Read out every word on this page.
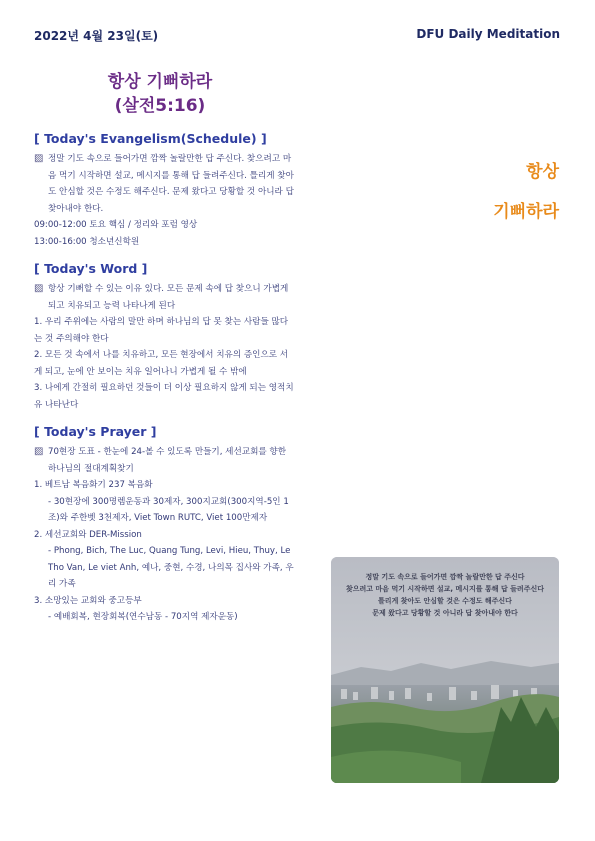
2022년 4월 23일(토)	DFU Daily Meditation
항상 기뻐하라
(살전5:16)
항상
기뻐하라
[ Today's Evangelism(Schedule) ]
▨ 정말 기도 속으로 들어가면 깜짝 놀랄만한 답 주신다. 찾으려고 마음 먹기 시작하면 설교, 메시지를 통해 답 들려주신다. 틀리게 찾아도 안심할 것은 수정도 해주신다. 문제 왔다고 당황할 것 아니라 답 찾아내야 한다.
09:00-12:00 토요 핵심 / 정리와 포럼 영상
13:00-16:00 청소년신학원
[ Today's Word ]
▨ 항상 기뻐할 수 있는 이유 있다. 모든 문제 속에 답 찾으니 가볍게 되고 치유되고 능력 나타나게 된다
1. 우리 주위에는 사람의 말만 하며 하나님의 답 못 찾는 사람들 많다는 것 주의해야 한다
2. 모든 것 속에서 나를 치유하고, 모든 현장에서 치유의 증인으로 서게 되고, 눈에 안 보이는 치유 일어나니 가볍게 될 수 밖에
3. 나에게 간절히 필요하던 것들이 더 이상 필요하지 않게 되는 영적치유 나타난다
[ Today's Prayer ]
▨ 70현장 도표 - 한눈에 24-볼 수 있도록 만들기, 세선교회를 향한 하나님의 절대계획찾기
1. 베트남 복음화기 237 복음화
- 30현장에 300명렘운동과 30제자, 300지교회(300지역-5인 1조)와 주한벳 3천제자, Viet Town RUTC, Viet 100만제자
2. 세선교회와 DER-Mission
- Phong, Bich, The Luc, Quang Tung, Levi, Hieu, Thuy, Le Tho Van, Le viet Anh, 예나, 중현, 수경, 나의목 집사와 가족, 우리 가족
3. 소망있는 교회와 중고등부
- 예배회복, 현장회복(연수남동 - 70지역 제자운동)
정말 기도 속으로 들어가면 깜짝 놀랄만한 답 주신다
찾으려고 마음 먹기 시작하면 설교, 메시지를 통해 답 들려주신다
틀리게 찾아도 안심할 것은 수정도 해주신다
문제 왔다고 당황할 것 아니라 답 찾아내야 한다
